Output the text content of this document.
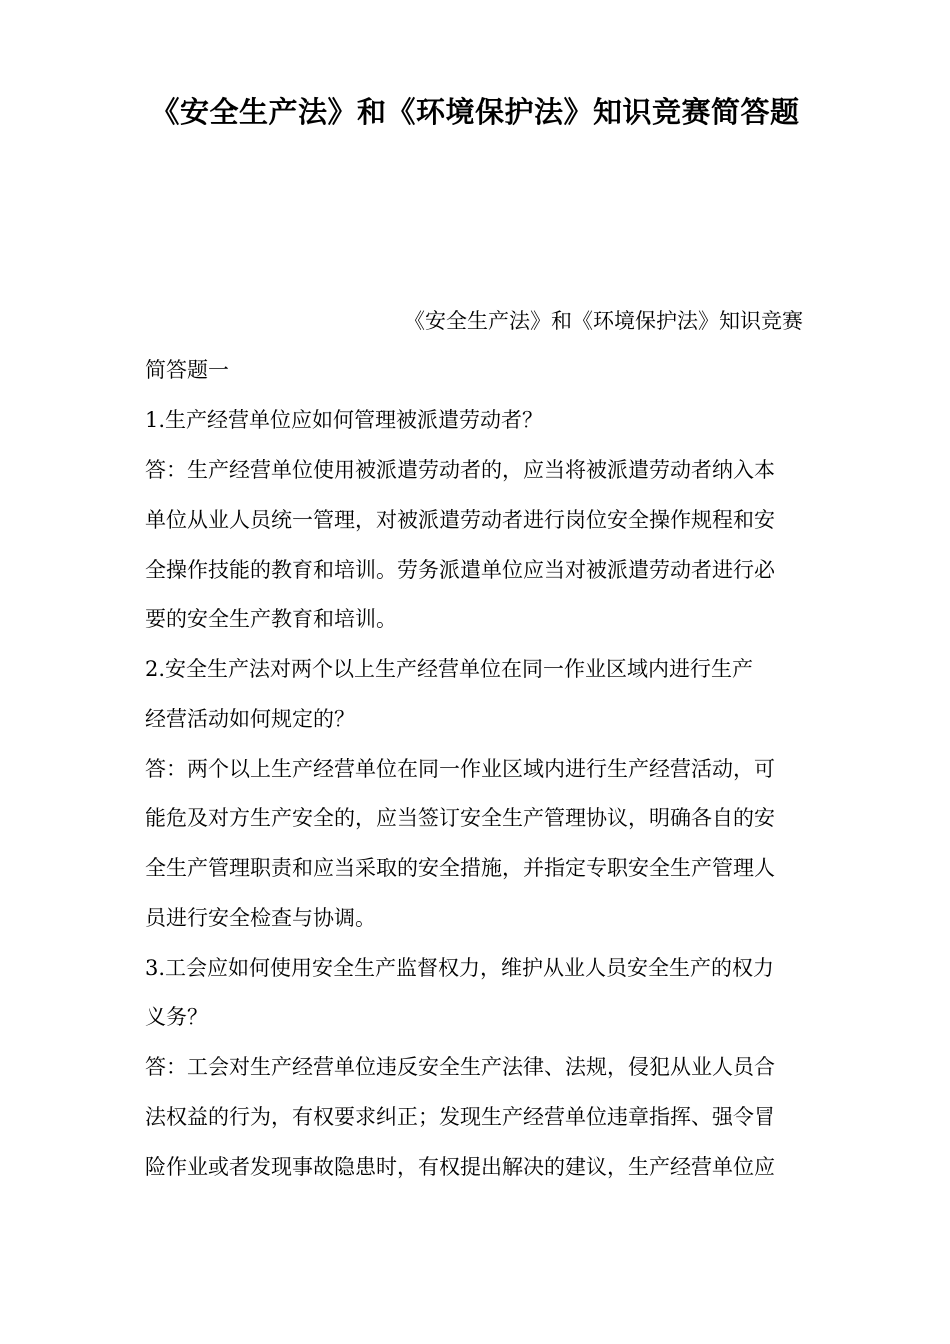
《安全生产法》和《环境保护法》知识竞赛简答题
《安全生产法》和《环境保护法》知识竞赛
简答题一
1.生产经营单位应如何管理被派遣劳动者？
答：生产经营单位使用被派遣劳动者的，应当将被派遣劳动者纳入本
单位从业人员统一管理，对被派遣劳动者进行岗位安全操作规程和安
全操作技能的教育和培训。劳务派遣单位应当对被派遣劳动者进行必
要的安全生产教育和培训。
2.安全生产法对两个以上生产经营单位在同一作业区域内进行生产
经营活动如何规定的？
答：两个以上生产经营单位在同一作业区域内进行生产经营活动，可
能危及对方生产安全的，应当签订安全生产管理协议，明确各自的安
全生产管理职责和应当采取的安全措施，并指定专职安全生产管理人
员进行安全检查与协调。
3.工会应如何使用安全生产监督权力，维护从业人员安全生产的权力
义务？
答：工会对生产经营单位违反安全生产法律、法规，侵犯从业人员合
法权益的行为，有权要求纠正；发现生产经营单位违章指挥、强令冒
险作业或者发现事故隐患时，有权提出解决的建议，生产经营单位应
